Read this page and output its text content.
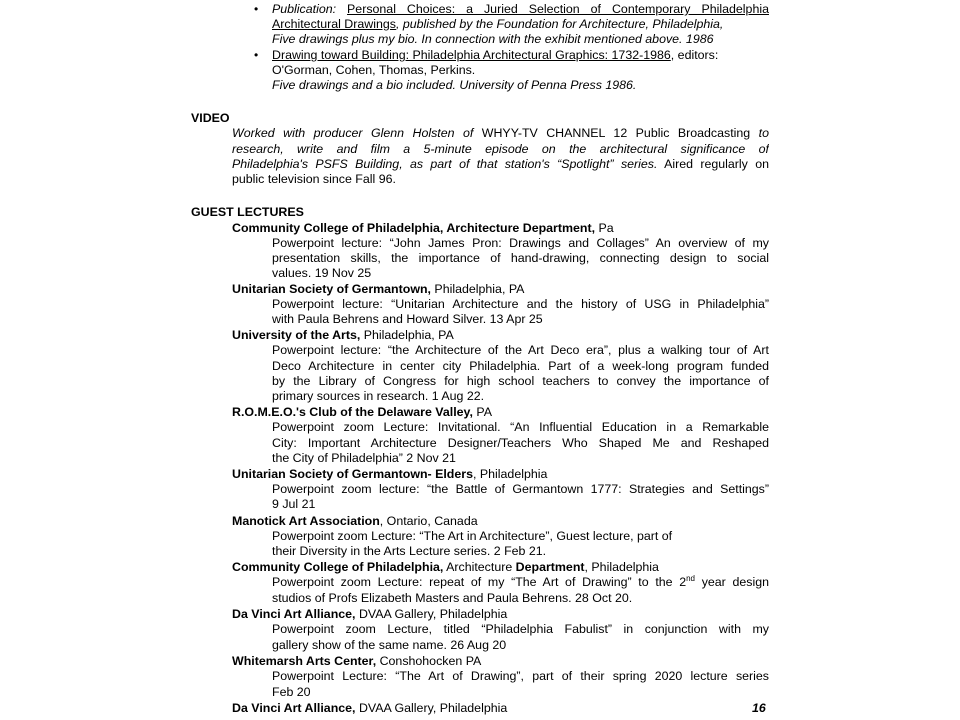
• Publication: Personal Choices: a Juried Selection of Contemporary Philadelphia
Architectural Drawings, published by the Foundation for Architecture, Philadelphia,
Five drawings plus my bio. In connection with the exhibit mentioned above. 1986
• Drawing toward Building: Philadelphia Architectural Graphics: 1732-1986, editors:
O'Gorman, Cohen, Thomas, Perkins.
Five drawings and a bio included. University of Penna Press 1986.
VIDEO
Worked with producer Glenn Holsten of WHYY-TV CHANNEL 12 Public Broadcasting to
research, write and film a 5-minute episode on the architectural significance of
Philadelphia's PSFS Building, as part of that station's “Spotlight” series. Aired regularly on
public television since Fall 96.
GUEST LECTURES
Community College of Philadelphia, Architecture Department, Pa
Powerpoint lecture: “John James Pron: Drawings and Collages” An overview of my
presentation skills, the importance of hand-drawing, connecting design to social
values. 19 Nov 25
Unitarian Society of Germantown, Philadelphia, PA
Powerpoint lecture: “Unitarian Architecture and the history of USG in Philadelphia”
with Paula Behrens and Howard Silver. 13 Apr 25
University of the Arts, Philadelphia, PA
Powerpoint lecture: “the Architecture of the Art Deco era”, plus a walking tour of Art
Deco Architecture in center city Philadelphia. Part of a week-long program funded
by the Library of Congress for high school teachers to convey the importance of
primary sources in research. 1 Aug 22.
R.O.M.E.O.'s Club of the Delaware Valley, PA
Powerpoint zoom Lecture: Invitational. “An Influential Education in a Remarkable
City: Important Architecture Designer/Teachers Who Shaped Me and Reshaped
the City of Philadelphia” 2 Nov 21
Unitarian Society of Germantown- Elders, Philadelphia
Powerpoint zoom lecture: “the Battle of Germantown 1777: Strategies and Settings”
9 Jul 21
Manotick Art Association, Ontario, Canada
Powerpoint zoom Lecture: “The Art in Architecture”, Guest lecture, part of
their Diversity in the Arts Lecture series. 2 Feb 21.
Community College of Philadelphia, Architecture Department, Philadelphia
Powerpoint zoom Lecture: repeat of my “The Art of Drawing” to the 2nd year design
studios of Profs Elizabeth Masters and Paula Behrens. 28 Oct 20.
Da Vinci Art Alliance, DVAA Gallery, Philadelphia
Powerpoint zoom Lecture, titled “Philadelphia Fabulist” in conjunction with my
gallery show of the same name. 26 Aug 20
Whitemarsh Arts Center, Conshohocken PA
Powerpoint Lecture: “The Art of Drawing”, part of their spring 2020 lecture series
Feb 20
Da Vinci Art Alliance, DVAA Gallery, Philadelphia	16
